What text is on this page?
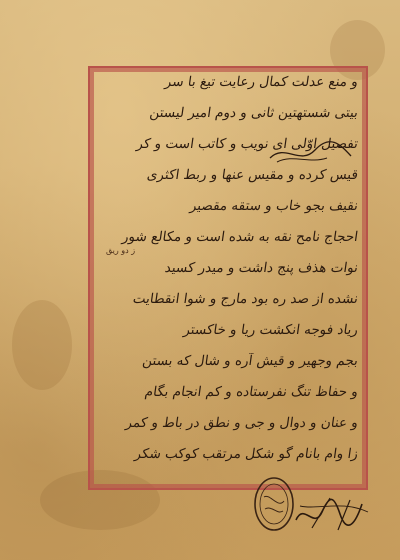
و منع عدلت کمال رعایت تیغ با سر
بیتی شستهتین ثانی و دوم امیر لیستن
تفصیل اوّلی ای نویب و کاتب است و کر
قیس کرده و مقیس عنها و ربط اکثری
نقیف بجو خاب و ستقه مقصیر
احجاج نامح نقه به شده است و مکالع شور
نوات هذف پنج داشت و میدر کسید
نشده از صد ره بود مارج و شوا انقطایت
ریاد فوجه انکشت ریا و خاکستر
بجم وجهیر و قیش آره و شال که بستن
و حفاظ تنگ نفرستاده و کم انجام بگام
و عنان و دوال و جی و نطق در باط و کمر
زا وام بانام گو شکل مرتقب کوکب شکر
ز دو ریق
